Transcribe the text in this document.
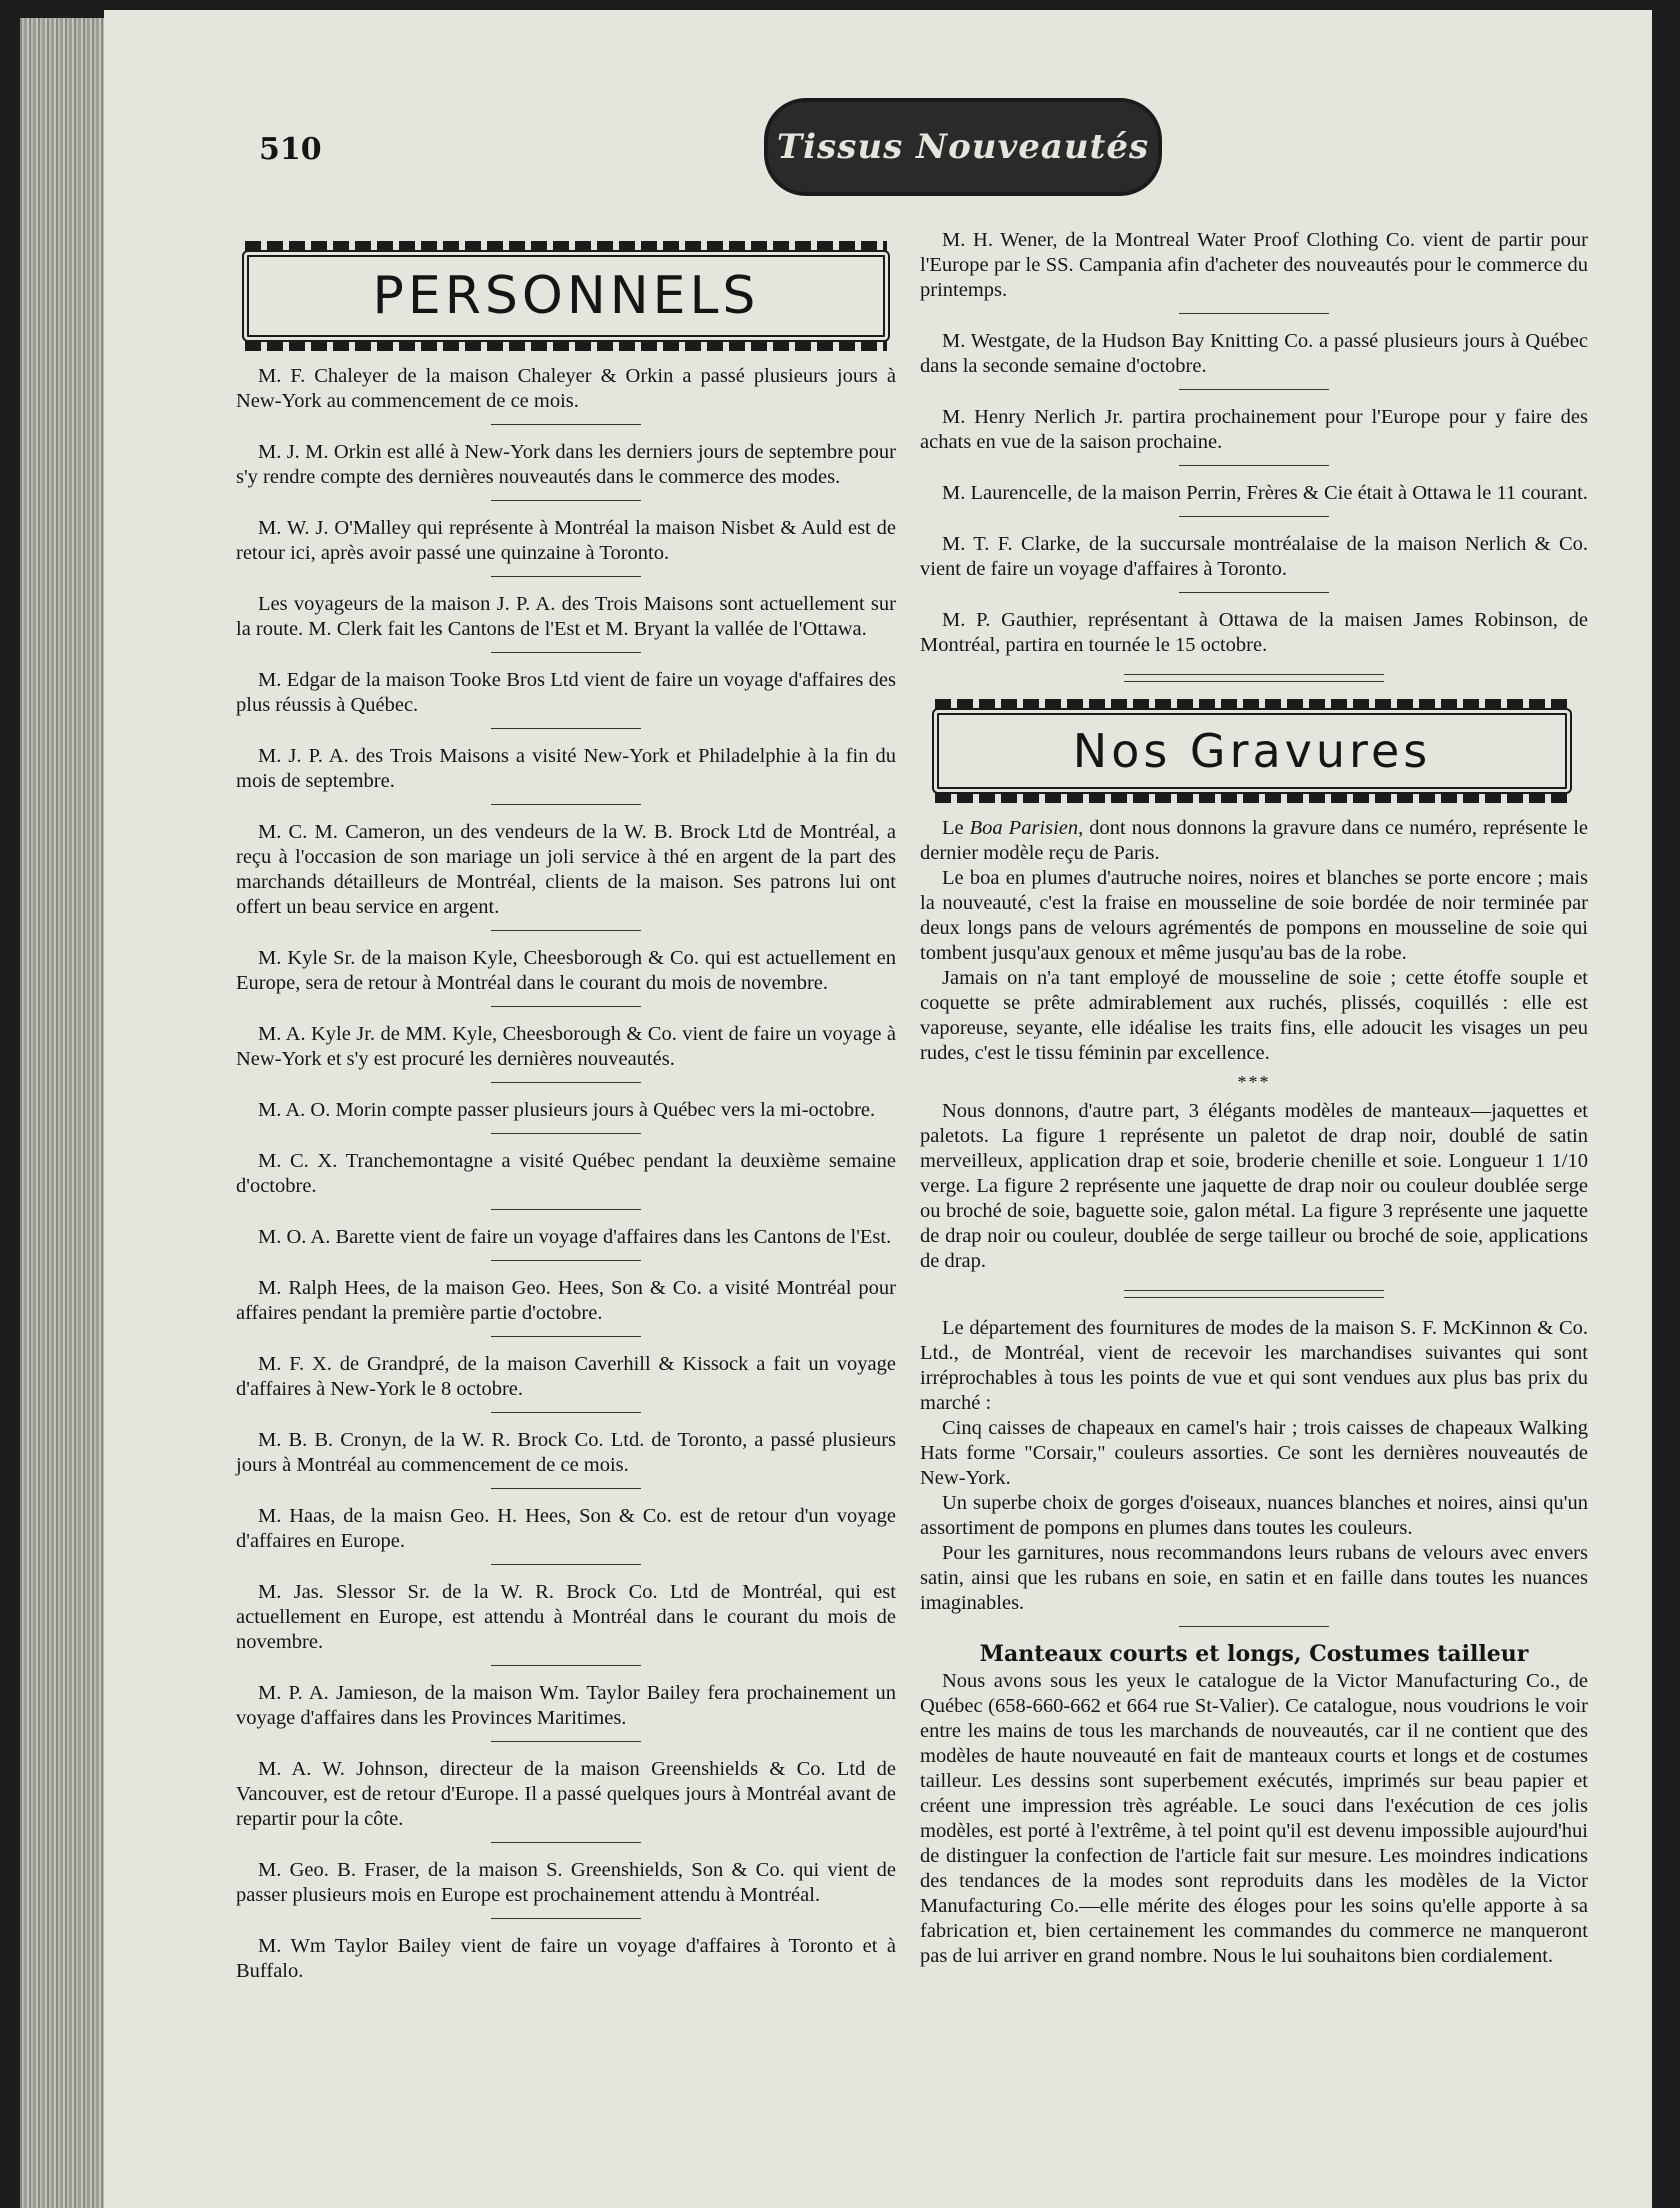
510	Tissus Nouveautés
PERSONNELS

M. F. Chaleyer de la maison Chaleyer & Orkin a passé plusieurs jours à New-York au commencement de ce mois.

M. J. M. Orkin est allé à New-York dans les derniers jours de septembre pour s'y rendre compte des dernières nouveautés dans le commerce des modes.

M. W. J. O'Malley qui représente à Montréal la maison Nisbet & Auld est de retour ici, après avoir passé une quinzaine à Toronto.

Les voyageurs de la maison J. P. A. des Trois Maisons sont actuellement sur la route. M. Clerk fait les Cantons de l'Est et M. Bryant la vallée de l'Ottawa.

M. Edgar de la maison Tooke Bros Ltd vient de faire un voyage d'affaires des plus réussis à Québec.

M. J. P. A. des Trois Maisons a visité New-York et Philadelphie à la fin du mois de septembre.

M. C. M. Cameron, un des vendeurs de la W. B. Brock Ltd de Montréal, a reçu à l'occasion de son mariage un joli service à thé en argent de la part des marchands détailleurs de Montréal, clients de la maison. Ses patrons lui ont offert un beau service en argent.

M. Kyle Sr. de la maison Kyle, Cheesborough & Co. qui est actuellement en Europe, sera de retour à Montréal dans le courant du mois de novembre.

M. A. Kyle Jr. de MM. Kyle, Cheesborough & Co. vient de faire un voyage à New-York et s'y est procuré les dernières nouveautés.

M. A. O. Morin compte passer plusieurs jours à Québec vers la mi-octobre.

M. C. X. Tranchemontagne a visité Québec pendant la deuxième semaine d'octobre.

M. O. A. Barette vient de faire un voyage d'affaires dans les Cantons de l'Est.

M. Ralph Hees, de la maison Geo. Hees, Son & Co. a visité Montréal pour affaires pendant la première partie d'octobre.

M. F. X. de Grandpré, de la maison Caverhill & Kissock a fait un voyage d'affaires à New-York le 8 octobre.

M. B. B. Cronyn, de la W. R. Brock Co. Ltd. de Toronto, a passé plusieurs jours à Montréal au commencement de ce mois.

M. Haas, de la maisn Geo. H. Hees, Son & Co. est de retour d'un voyage d'affaires en Europe.

M. Jas. Slessor Sr. de la W. R. Brock Co. Ltd de Montréal, qui est actuellement en Europe, est attendu à Montréal dans le courant du mois de novembre.

M. P. A. Jamieson, de la maison Wm. Taylor Bailey fera prochainement un voyage d'affaires dans les Provinces Maritimes.

M. A. W. Johnson, directeur de la maison Greenshields & Co. Ltd de Vancouver, est de retour d'Europe. Il a passé quelques jours à Montréal avant de repartir pour la côte.

M. Geo. B. Fraser, de la maison S. Greenshields, Son & Co. qui vient de passer plusieurs mois en Europe est prochainement attendu à Montréal.

M. Wm Taylor Bailey vient de faire un voyage d'affaires à Toronto et à Buffalo.

M. H. Wener, de la Montreal Water Proof Clothing Co. vient de partir pour l'Europe par le SS. Campania afin d'acheter des nouveautés pour le commerce du printemps.

M. Westgate, de la Hudson Bay Knitting Co. a passé plusieurs jours à Québec dans la seconde semaine d'octobre.

M. Henry Nerlich Jr. partira prochainement pour l'Europe pour y faire des achats en vue de la saison prochaine.

M. Laurencelle, de la maison Perrin, Frères & Cie était à Ottawa le 11 courant.

M. T. F. Clarke, de la succursale montréalaise de la maison Nerlich & Co. vient de faire un voyage d'affaires à Toronto.

M. P. Gauthier, représentant à Ottawa de la maisen James Robinson, de Montréal, partira en tournée le 15 octobre.

Nos Gravures

Le Boa Parisien, dont nous donnons la gravure dans ce numéro, représente le dernier modèle reçu de Paris.

Le boa en plumes d'autruche noires, noires et blanches se porte encore ; mais la nouveauté, c'est la fraise en mousseline de soie bordée de noir terminée par deux longs pans de velours agrémentés de pompons en mousseline de soie qui tombent jusqu'aux genoux et même jusqu'au bas de la robe.

Jamais on n'a tant employé de mousseline de soie ; cette étoffe souple et coquette se prête admirablement aux ruchés, plissés, coquillés : elle est vaporeuse, seyante, elle idéalise les traits fins, elle adoucit les visages un peu rudes, c'est le tissu féminin par excellence.

***

Nous donnons, d'autre part, 3 élégants modèles de manteaux—jaquettes et paletots. La figure 1 représente un paletot de drap noir, doublé de satin merveilleux, application drap et soie, broderie chenille et soie. Longueur 1 1/10 verge. La figure 2 représente une jaquette de drap noir ou couleur doublée serge ou broché de soie, baguette soie, galon métal. La figure 3 représente une jaquette de drap noir ou couleur, doublée de serge tailleur ou broché de soie, applications de drap.

Le département des fournitures de modes de la maison S. F. McKinnon & Co. Ltd., de Montréal, vient de recevoir les marchandises suivantes qui sont irréprochables à tous les points de vue et qui sont vendues aux plus bas prix du marché :

Cinq caisses de chapeaux en camel's hair ; trois caisses de chapeaux Walking Hats forme "Corsair," couleurs assorties. Ce sont les dernières nouveautés de New-York.

Un superbe choix de gorges d'oiseaux, nuances blanches et noires, ainsi qu'un assortiment de pompons en plumes dans toutes les couleurs.

Pour les garnitures, nous recommandons leurs rubans de velours avec envers satin, ainsi que les rubans en soie, en satin et en faille dans toutes les nuances imaginables.

Manteaux courts et longs, Costumes tailleur

Nous avons sous les yeux le catalogue de la Victor Manufacturing Co., de Québec (658-660-662 et 664 rue St-Valier). Ce catalogue, nous voudrions le voir entre les mains de tous les marchands de nouveautés, car il ne contient que des modèles de haute nouveauté en fait de manteaux courts et longs et de costumes tailleur. Les dessins sont superbement exécutés, imprimés sur beau papier et créent une impression très agréable. Le souci dans l'exécution de ces jolis modèles, est porté à l'extrême, à tel point qu'il est devenu impossible aujourd'hui de distinguer la confection de l'article fait sur mesure. Les moindres indications des tendances de la modes sont reproduits dans les modèles de la Victor Manufacturing Co.—elle mérite des éloges pour les soins qu'elle apporte à sa fabrication et, bien certainement les commandes du commerce ne manqueront pas de lui arriver en grand nombre. Nous le lui souhaitons bien cordialement.
